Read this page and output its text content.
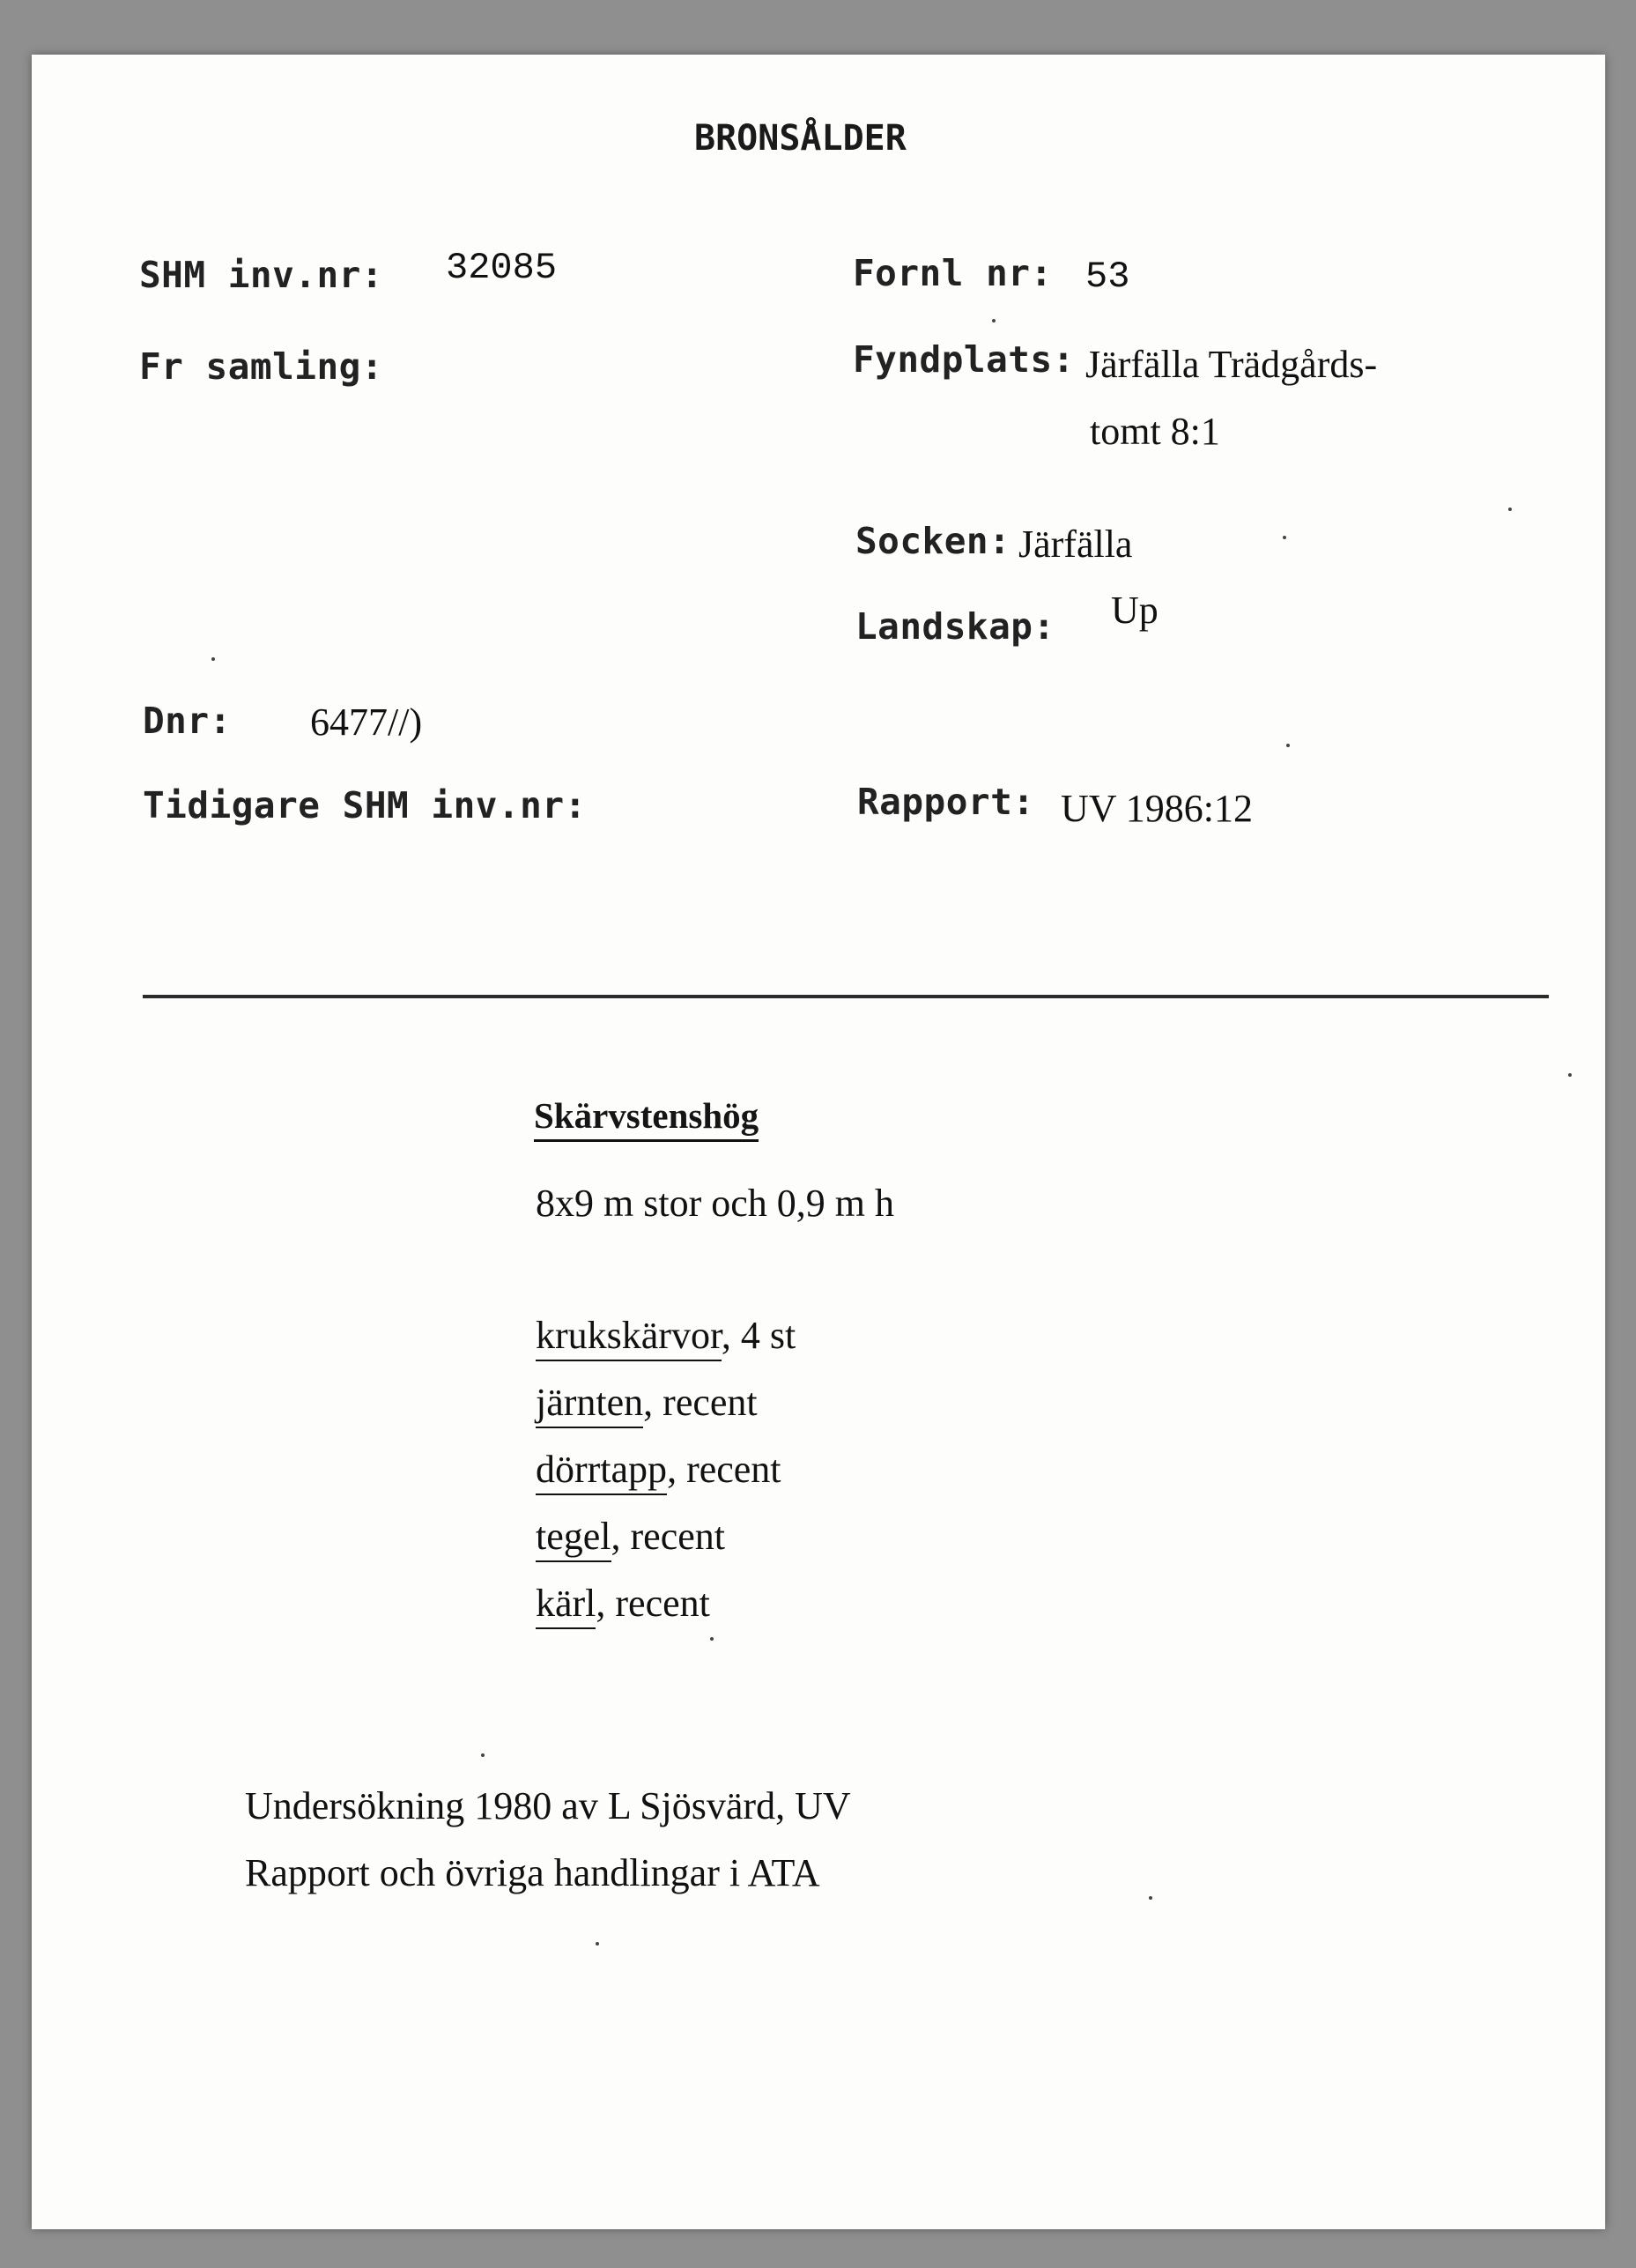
BRONSÅLDER
SHM inv.nr: 32085	Fornl nr: 53
Fr samling:	Fyndplats: Järfälla Trädgårds-
tomt 8:1
Socken: Järfälla
Landskap: Up
Dnr: 6477//)
Tidigare SHM inv.nr:	Rapport: UV 1986:12
Skärvstenshög
8x9 m stor och 0,9 m h
krukskärvor, 4 st
järnten, recent
dörrtapp, recent
tegel, recent
kärl, recent
Undersökning 1980 av L Sjösvärd, UV
Rapport och övriga handlingar i ATA
